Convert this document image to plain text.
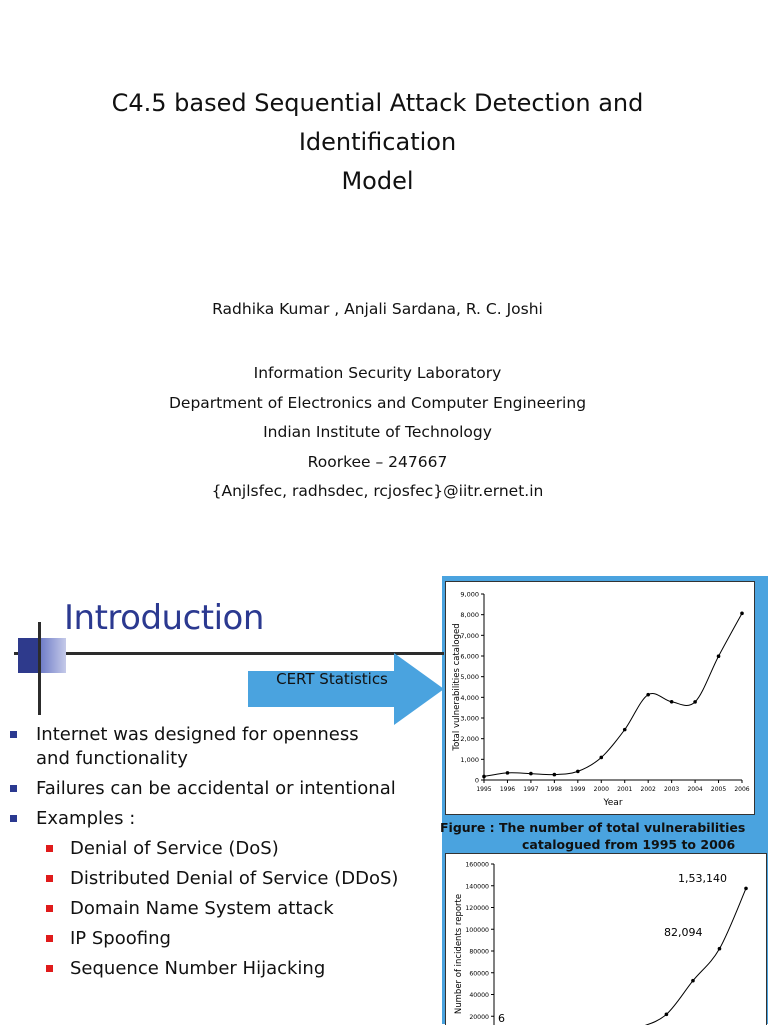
C4.5 based Sequential Attack Detection and
Identification
Model
Radhika Kumar , Anjali Sardana, R. C. Joshi
Information Security Laboratory
Department of Electronics and Computer Engineering
Indian Institute of Technology
Roorkee – 247667
{Anjlsfec, radhsdec, rcjosfec}@iitr.ernet.in
Introduction
CERT Statistics
Internet was designed for openness
and functionality
Failures can be accidental or intentional
Examples :
Denial of Service (DoS)
Distributed Denial of Service (DDoS)
Domain Name System attack
IP Spoofing
Sequence Number Hijacking
0
1,000
2,000
3,000
4,000
5,000
6,000
7,000
8,000
9,000
1995 1996 1997 1998 1999 2000 2001 2002 2003 2004 2005 2006
Year
Total vulnerabilities cataloged
Figure : The number of total vulnerabilities
catalogued from 1995 to 2006
20000
40000
60000
80000
100000
120000
140000
160000
Number of incidents reporte
1,53,140
82,094
6
